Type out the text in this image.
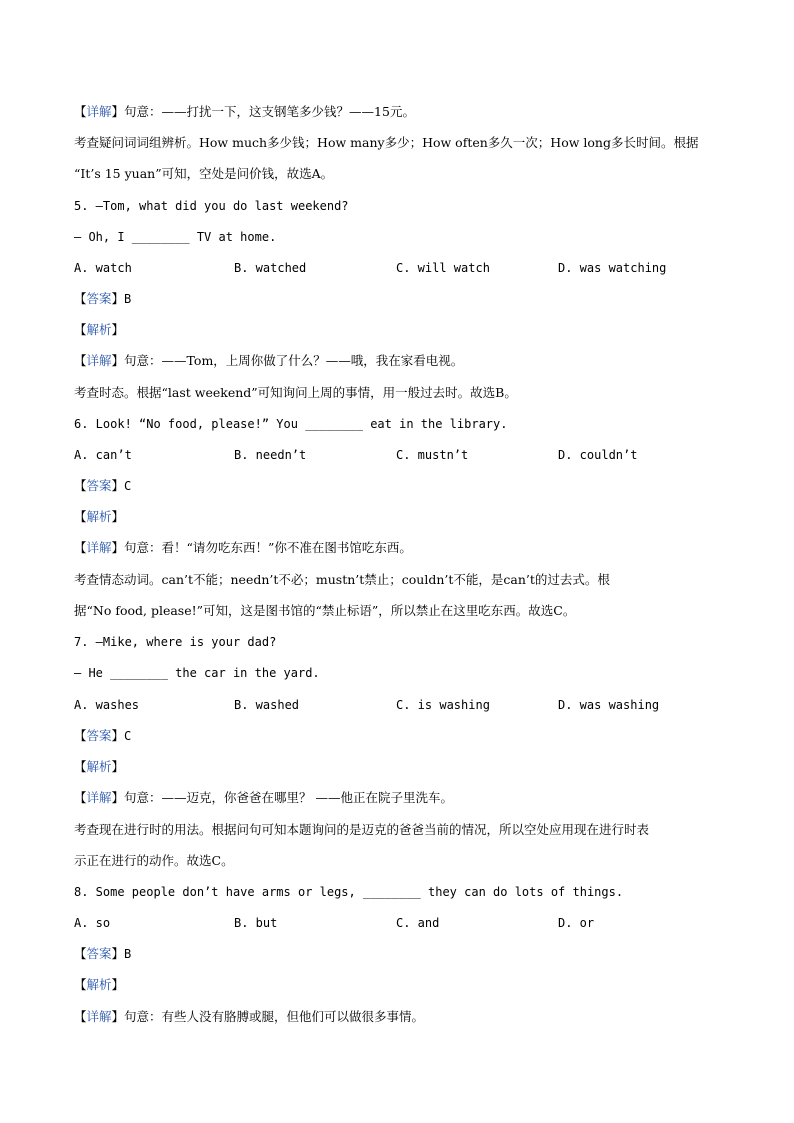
【详解】句意：——打扰一下，这支钢笔多少钱？——15元。
考查疑问词词组辨析。How much多少钱；How many多少；How often多久一次；How long多长时间。根据
“It’s 15 yuan”可知，空处是问价钱，故选A。
5. —Tom, what did you do last weekend?
— Oh, I ________ TV at home.
A. watch	B. watched	C. will watch	D. was watching
【答案】B
【解析】
【详解】句意：——Tom，上周你做了什么？——哦，我在家看电视。
考查时态。根据“last weekend”可知询问上周的事情，用一般过去时。故选B。
6. Look! “No food, please!” You ________ eat in the library.
A. can’t	B. needn’t	C. mustn’t	D. couldn’t
【答案】C
【解析】
【详解】句意：看！“请勿吃东西！”你不准在图书馆吃东西。
考查情态动词。can’t不能；needn’t不必；mustn’t禁止；couldn’t不能，是can’t的过去式。根
据“No food, please!”可知，这是图书馆的“禁止标语”，所以禁止在这里吃东西。故选C。
7. —Mike, where is your dad?
— He ________ the car in the yard.
A. washes	B. washed	C. is washing	D. was washing
【答案】C
【解析】
【详解】句意：——迈克，你爸爸在哪里？ ——他正在院子里洗车。
考查现在进行时的用法。根据问句可知本题询问的是迈克的爸爸当前的情况，所以空处应用现在进行时表
示正在进行的动作。故选C。
8. Some people don’t have arms or legs, ________ they can do lots of things.
A. so	B. but	C. and	D. or
【答案】B
【解析】
【详解】句意：有些人没有胳膊或腿，但他们可以做很多事情。
